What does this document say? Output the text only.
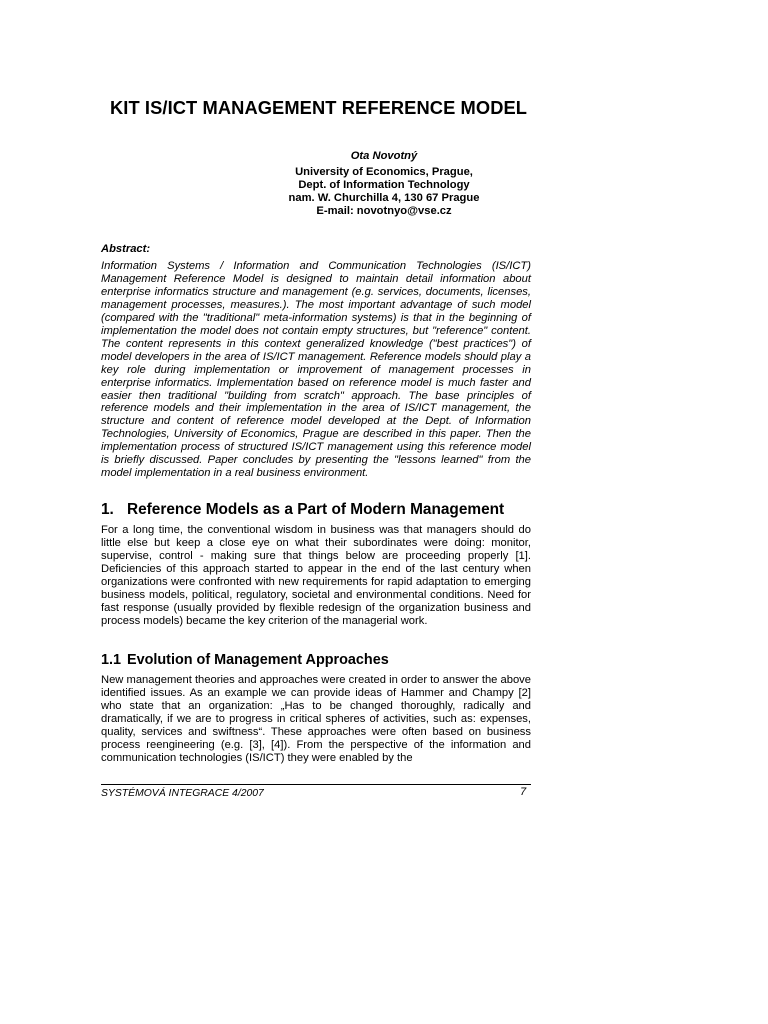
KIT IS/ICT MANAGEMENT REFERENCE MODEL
Ota Novotný
University of Economics, Prague,
Dept. of Information Technology
nam. W. Churchilla 4, 130 67 Prague
E-mail: novotnyo@vse.cz
Abstract:

Information Systems / Information and Communication Technologies (IS/ICT) Management Reference Model is designed to maintain detail information about enterprise informatics structure and management (e.g. services, documents, licenses, management processes, measures.). The most important advantage of such model (compared with the "traditional" meta-information systems) is that in the beginning of implementation the model does not contain empty structures, but "reference" content. The content represents in this context generalized knowledge ("best practices") of model developers in the area of IS/ICT management. Reference models should play a key role during implementation or improvement of management processes in enterprise informatics. Implementation based on reference model is much faster and easier then traditional "building from scratch" approach. The base principles of reference models and their implementation in the area of IS/ICT management, the structure and content of reference model developed at the Dept. of Information Technologies, University of Economics, Prague are described in this paper. Then the implementation process of structured IS/ICT management using this reference model is briefly discussed. Paper concludes by presenting the "lessons learned" from the model implementation in a real business environment.

1. Reference Models as a Part of Modern Management

For a long time, the conventional wisdom in business was that managers should do little else but keep a close eye on what their subordinates were doing: monitor, supervise, control - making sure that things below are proceeding properly [1]. Deficiencies of this approach started to appear in the end of the last century when organizations were confronted with new requirements for rapid adaptation to emerging business models, political, regulatory, societal and environmental conditions. Need for fast response (usually provided by flexible redesign of the organization business and process models) became the key criterion of the managerial work.

1.1 Evolution of Management Approaches

New management theories and approaches were created in order to answer the above identified issues. As an example we can provide ideas of Hammer and Champy [2] who state that an organization: „Has to be changed thoroughly, radically and dramatically, if we are to progress in critical spheres of activities, such as: expenses, quality, services and swiftness“. These approaches were often based on business process reengineering (e.g. [3], [4]). From the perspective of the information and communication technologies (IS/ICT) they were enabled by the

SYSTÉMOVÁ INTEGRACE 4/2007	7
